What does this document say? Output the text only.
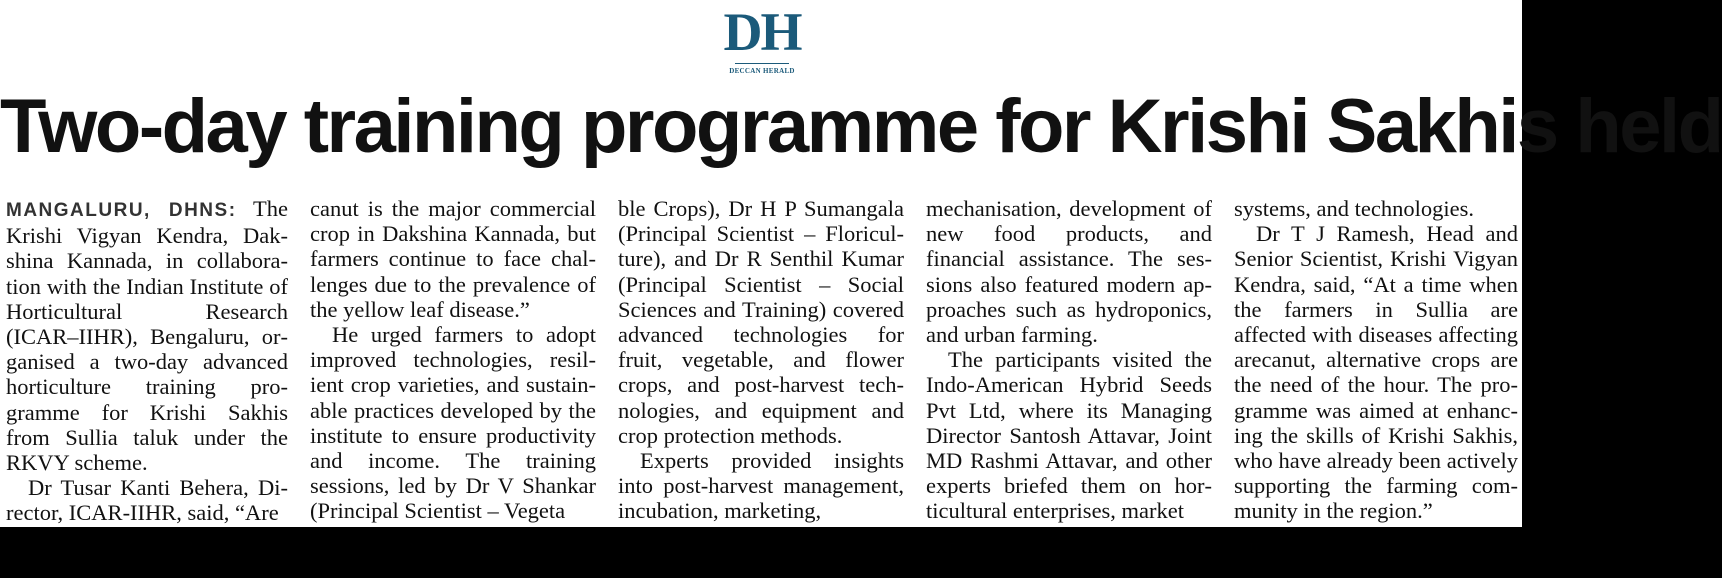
DH
DECCAN HERALD
Two-day training programme for Krishi Sakhis held

MANGALURU, DHNS: The Krishi Vigyan Kendra, Dakshina Kannada, in collaboration with the Indian Institute of Horticultural Research (ICAR–IIHR), Bengaluru, organised a two-day advanced horticulture training programme for Krishi Sakhis from Sullia taluk under the RKVY scheme.

Dr Tusar Kanti Behera, Director, ICAR-IIHR, said, “Are

canut is the major commercial crop in Dakshina Kannada, but farmers continue to face challenges due to the prevalence of the yellow leaf disease.”

He urged farmers to adopt improved technologies, resilient crop varieties, and sustainable practices developed by the institute to ensure productivity and income. The training sessions, led by Dr V Shankar (Principal Scientist – Vegeta

ble Crops), Dr H P Sumangala (Principal Scientist – Floriculture), and Dr R Senthil Kumar (Principal Scientist – Social Sciences and Training) covered advanced technologies for fruit, vegetable, and flower crops, and post-harvest technologies, and equipment and crop protection methods.

Experts provided insights into post-harvest management, incubation, marketing,

mechanisation, development of new food products, and financial assistance. The sessions also featured modern approaches such as hydroponics, and urban farming.

The participants visited the Indo-American Hybrid Seeds Pvt Ltd, where its Managing Director Santosh Attavar, Joint MD Rashmi Attavar, and other experts briefed them on horticultural enterprises, market

systems, and technologies.

Dr T J Ramesh, Head and Senior Scientist, Krishi Vigyan Kendra, said, “At a time when the farmers in Sullia are affected with diseases affecting arecanut, alternative crops are the need of the hour. The programme was aimed at enhancing the skills of Krishi Sakhis, who have already been actively supporting the farming community in the region.”
